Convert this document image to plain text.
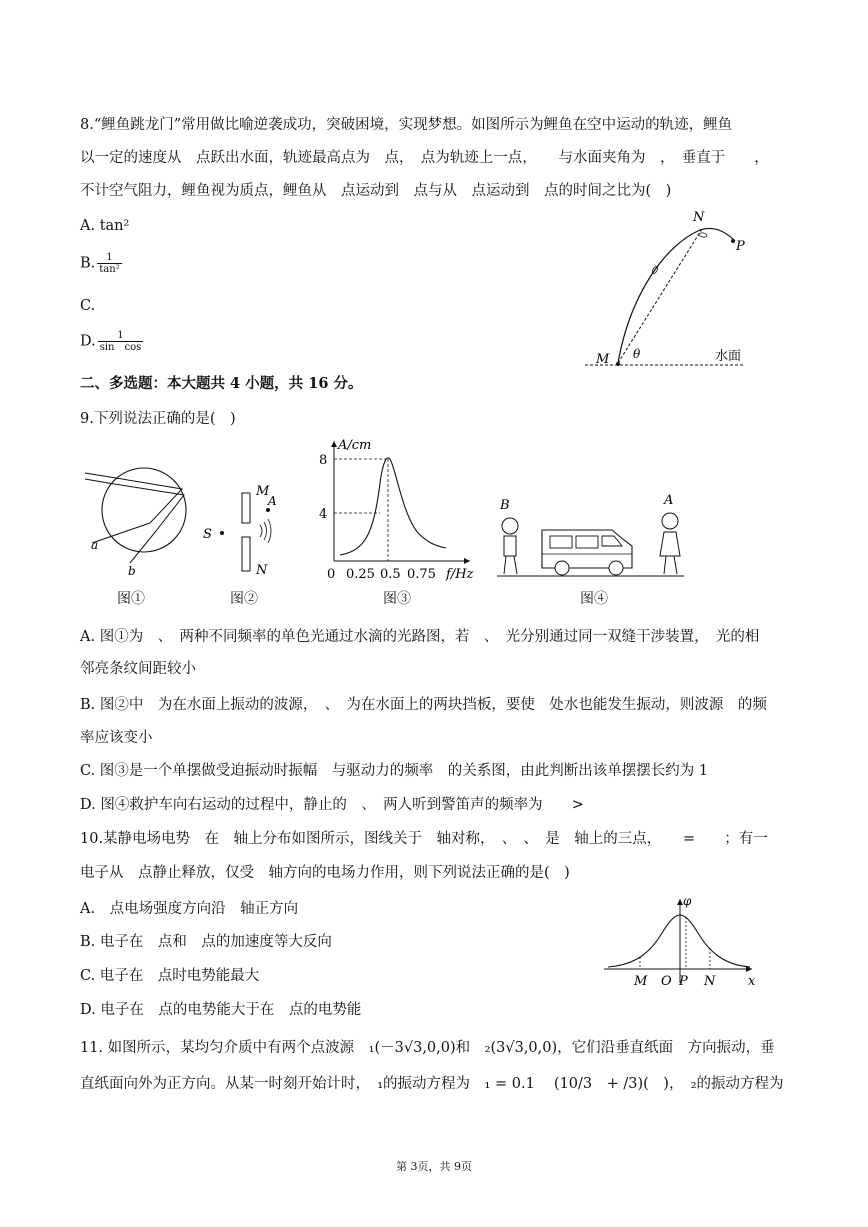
8.“鲤鱼跳龙门”常用做比喻逆袭成功，突破困境，实现梦想。如图所示为鲤鱼在空中运动的轨迹，鲤鱼
以一定的速度从　点跃出水面，轨迹最高点为　点，　点为轨迹上一点，　　与水面夹角为　，　垂直于　　，
不计空气阻力，鲤鱼视为质点，鲤鱼从　点运动到　点与从　点运动到　点的时间之比为(　)
A. tan²
B. $\frac{1}{\text{tan²}}$
C.
D. $\frac{1}{\text{sin　cos}}$
N
P
M θ	水面
二、多选题：本大题共 4 小题，共 16 分。
9.下列说法正确的是(　)
a
b
图①
S
M
A
N
图②
A/cm
8
4
0 0.25 0.5 0.75 f/Hz
图③
B	A
图④
A. 图①为　、　两种不同频率的单色光通过水滴的光路图，若　、　光分别通过同一双缝干涉装置，　光的相
邻亮条纹间距较小
B. 图②中　为在水面上振动的波源，　、　为在水面上的两块挡板，要使　处水也能发生振动，则波源　的频
率应该变小
C. 图③是一个单摆做受迫振动时振幅　与驱动力的频率　的关系图，由此判断出该单摆摆长约为 1
D. 图④救护车向右运动的过程中，静止的　、　两人听到警笛声的频率为　　>
10.某静电场电势　在　轴上分布如图所示，图线关于　轴对称，　、　、　是　轴上的三点，　　=　　；有一
电子从　点静止释放，仅受　轴方向的电场力作用，则下列说法正确的是(　)
A.　点电场强度方向沿　轴正方向
B. 电子在　点和　点的加速度等大反向
C. 电子在　点时电势能最大
D. 电子在　点的电势能大于在　点的电势能
φ
M O P N	x
11. 如图所示，某均匀介质中有两个点波源　₁(－3√3,0,0)和　₂(3√3,0,0)，它们沿垂直纸面　方向振动，垂
直纸面向外为正方向。从某一时刻开始计时，　₁的振动方程为　₁ = 0.1　 (10/3　+ /3)(　)，　₂的振动方程为
第 3页，共 9页
